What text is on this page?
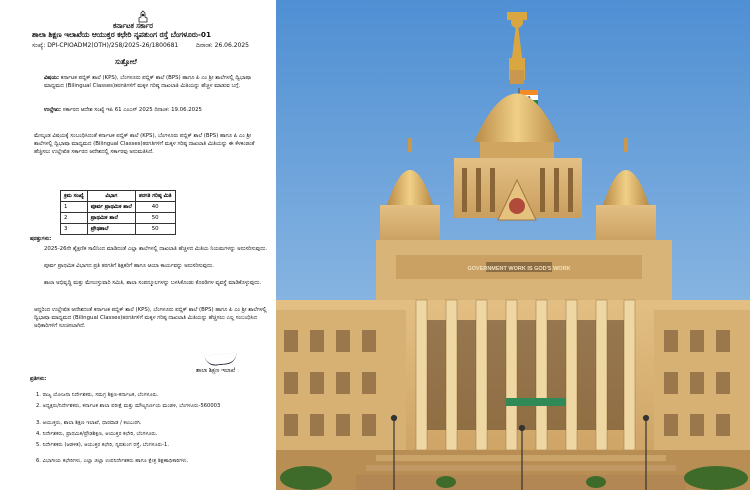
ಕರ್ನಾಟಕ ಸರ್ಕಾರ
ಶಾಲಾ ಶಿಕ್ಷಣ ಇಲಾಖೆಯ ಆಯುಕ್ತರ ಕಛೇರಿ ನೃಪತುಂಗ ರಸ್ತೆ ಬೆಂಗಳೂರು-01
ಸಂಖ್ಯೆ: DPI-CPIOADM2(OTH)/258/2025-26/1800681	ದಿನಾಂಕ: 26.06.2025
ಸುತ್ತೋಲೆ
ವಿಷಯ: ಕರ್ನಾಟಕ ಪಬ್ಲಿಕ್ ಶಾಲೆ (KPS), ಬೆಂಗಳೂರು ಪಬ್ಲಿಕ್ ಶಾಲೆ (BPS) ಹಾಗೂ ಪಿ ಎಂ ಶ್ರೀ ಶಾಲೆಗಳಲ್ಲಿ ದ್ವಿಭಾಷಾ ಮಾಧ್ಯಮದ (Bilingual Classes)ತರಗತಿಗಳಿಗೆ ಮಕ್ಕಳ ಗರಿಷ್ಠ ದಾಖಲಾತಿ ಮಿತಿಯನ್ನು ಹೆಚ್ಚಳ ಮಾಡುವ ಬಗ್ಗೆ.
ಉಲ್ಲೇಖ: ಸರ್ಕಾರದ ಆದೇಶ ಸಂಖ್ಯೆ ಇಪಿ 61 ಎಂಎಸ್ 2025 ದಿನಾಂಕ: 19.06.2025
ಮೇಲ್ಕಂಡ ವಿಷಯಕ್ಕೆ ಸಂಬಂಧಿಸಿದಂತೆ ಕರ್ನಾಟಕ ಪಬ್ಲಿಕ್ ಶಾಲೆ (KPS), ಬೆಂಗಳೂರು ಪಬ್ಲಿಕ್ ಶಾಲೆ (BPS) ಹಾಗೂ ಪಿ ಎಂ ಶ್ರೀ ಶಾಲೆಗಳಲ್ಲಿ ದ್ವಿಭಾಷಾ ಮಾಧ್ಯಮದ (Bilingual Classes)ತರಗತಿಗಳಿಗೆ ಮಕ್ಕಳ ಗರಿಷ್ಠ ದಾಖಲಾತಿ ಮಿತಿಯನ್ನು ಈ ಕೆಳಕಂಡಂತೆ ಹೆಚ್ಚಿಸಲು ಉಲ್ಲೇಖಿತ ಸರ್ಕಾರದ ಆದೇಶದಲ್ಲಿ ಸರ್ಕಾರವು ಅನುಮತಿಸಿದೆ.
ಕ್ರಮ ಸಂಖ್ಯೆ	ವಿಭಾಗ	ತರಗತಿ ಗರಿಷ್ಠ ಮಿತಿ
1	ಪೂರ್ವ ಪ್ರಾಥಮಿಕ ಶಾಲೆ	40
2	ಪ್ರಾಥಮಿಕ ಶಾಲೆ	50
3	ಪ್ರೌಢಶಾಲೆ	50
ಷರತ್ತುಗಳು:
2025-26ನೇ ಶೈಕ್ಷಣಿಕ ಸಾಲಿನಿಂದ ಮಾಡಿದಂತೆ ಎಲ್ಲಾ ಶಾಲೆಗಳಲ್ಲಿ ದಾಖಲಾತಿ ಹೆಚ್ಚಳದ ಮಿತಿಯ ನಿಯಮಗಳನ್ನು ಅನುಸರಿಸುವುದು.
ಪೂರ್ವ ಪ್ರಾಥಮಿಕ ವಿಭಾಗದ ಪ್ರತಿ ತರಗತಿಗೆ ಶಿಕ್ಷಕರಿಗೆ ಹಾಗೂ ಆಯಾ ಕಾರ್ಯವನ್ನು ಅನುಸರಿಸುವುದು.
ಶಾಲಾ ಅಭಿವೃದ್ಧಿ ಮತ್ತು ಮೇಲುಸ್ತುವಾರಿ ಸಮಿತಿ, ಶಾಲಾ ಸಂಪನ್ಮೂಲಗಳನ್ನು ಬಳಸಿಕೊಂಡು ಕೊಠಡಿಗಳ ವ್ಯವಸ್ಥೆ ಮಾಡಿಕೊಳ್ಳುವುದು.
ಆದ್ದರಿಂದ ಉಲ್ಲೇಖಿತ ಆದೇಶದಂತೆ ಕರ್ನಾಟಕ ಪಬ್ಲಿಕ್ ಶಾಲೆ (KPS), ಬೆಂಗಳೂರು ಪಬ್ಲಿಕ್ ಶಾಲೆ (BPS) ಹಾಗೂ ಪಿ ಎಂ ಶ್ರೀ ಶಾಲೆಗಳಲ್ಲಿ ದ್ವಿಭಾಷಾ ಮಾಧ್ಯಮದ (Bilingual Classes)ತರಗತಿಗಳಿಗೆ ಮಕ್ಕಳ ಗರಿಷ್ಠ ದಾಖಲಾತಿ ಮಿತಿಯನ್ನು ಹೆಚ್ಚಿಸಲು ಎಲ್ಲ ಸಂಬಂಧಿಸಿದ ಅಧಿಕಾರಿಗಳಿಗೆ ಸೂಚಿಸಲಾಗಿದೆ.
ಶಾಲಾ ಶಿಕ್ಷಣ ಇಲಾಖೆ
ಪ್ರತಿಗಳು:
1. ರಾಜ್ಯ ಯೋಜನಾ ನಿರ್ದೇಶಕರು, ಸಮಗ್ರ ಶಿಕ್ಷಣ-ಕರ್ನಾಟಕ, ಬೆಂಗಳೂರು.
2. ಅಧ್ಯಕ್ಷರು/ನಿರ್ದೇಶಕರು, ಕರ್ನಾಟಕ ಶಾಲಾ ಪರೀಕ್ಷೆ ಮತ್ತು ಮೌಲ್ಯನಿರ್ಣಯ ಮಂಡಳಿ, ಬೆಂಗಳೂರು-560003
3. ಆಯುಕ್ತರು, ಶಾಲಾ ಶಿಕ್ಷಣ ಇಲಾಖೆ, ಧಾರವಾಡ / ಕಲಬುರಗಿ.
4. ನಿರ್ದೇಶಕರು, ಪ್ರಾಥಮಿಕ/ಪ್ರೌಢಶಿಕ್ಷಣ, ಆಯುಕ್ತರ ಕಛೇರಿ, ಬೆಂಗಳೂರು.
5. ನಿರ್ದೇಶಕರು (ಆಡಳಿತ), ಆಯುಕ್ತರ ಕಛೇರಿ, ನೃಪತುಂಗ ರಸ್ತೆ, ಬೆಂಗಳೂರು-1.
6. ವಿಭಾಗೀಯ ಕಛೇರಿಗಳು, ಎಲ್ಲಾ ಜಿಲ್ಲಾ ಉಪನಿರ್ದೇಶಕರು ಹಾಗೂ ಕ್ಷೇತ್ರ ಶಿಕ್ಷಣಾಧಿಕಾರಿಗಳು.
GOVERNMENT WORK IS GOD'S WORK
